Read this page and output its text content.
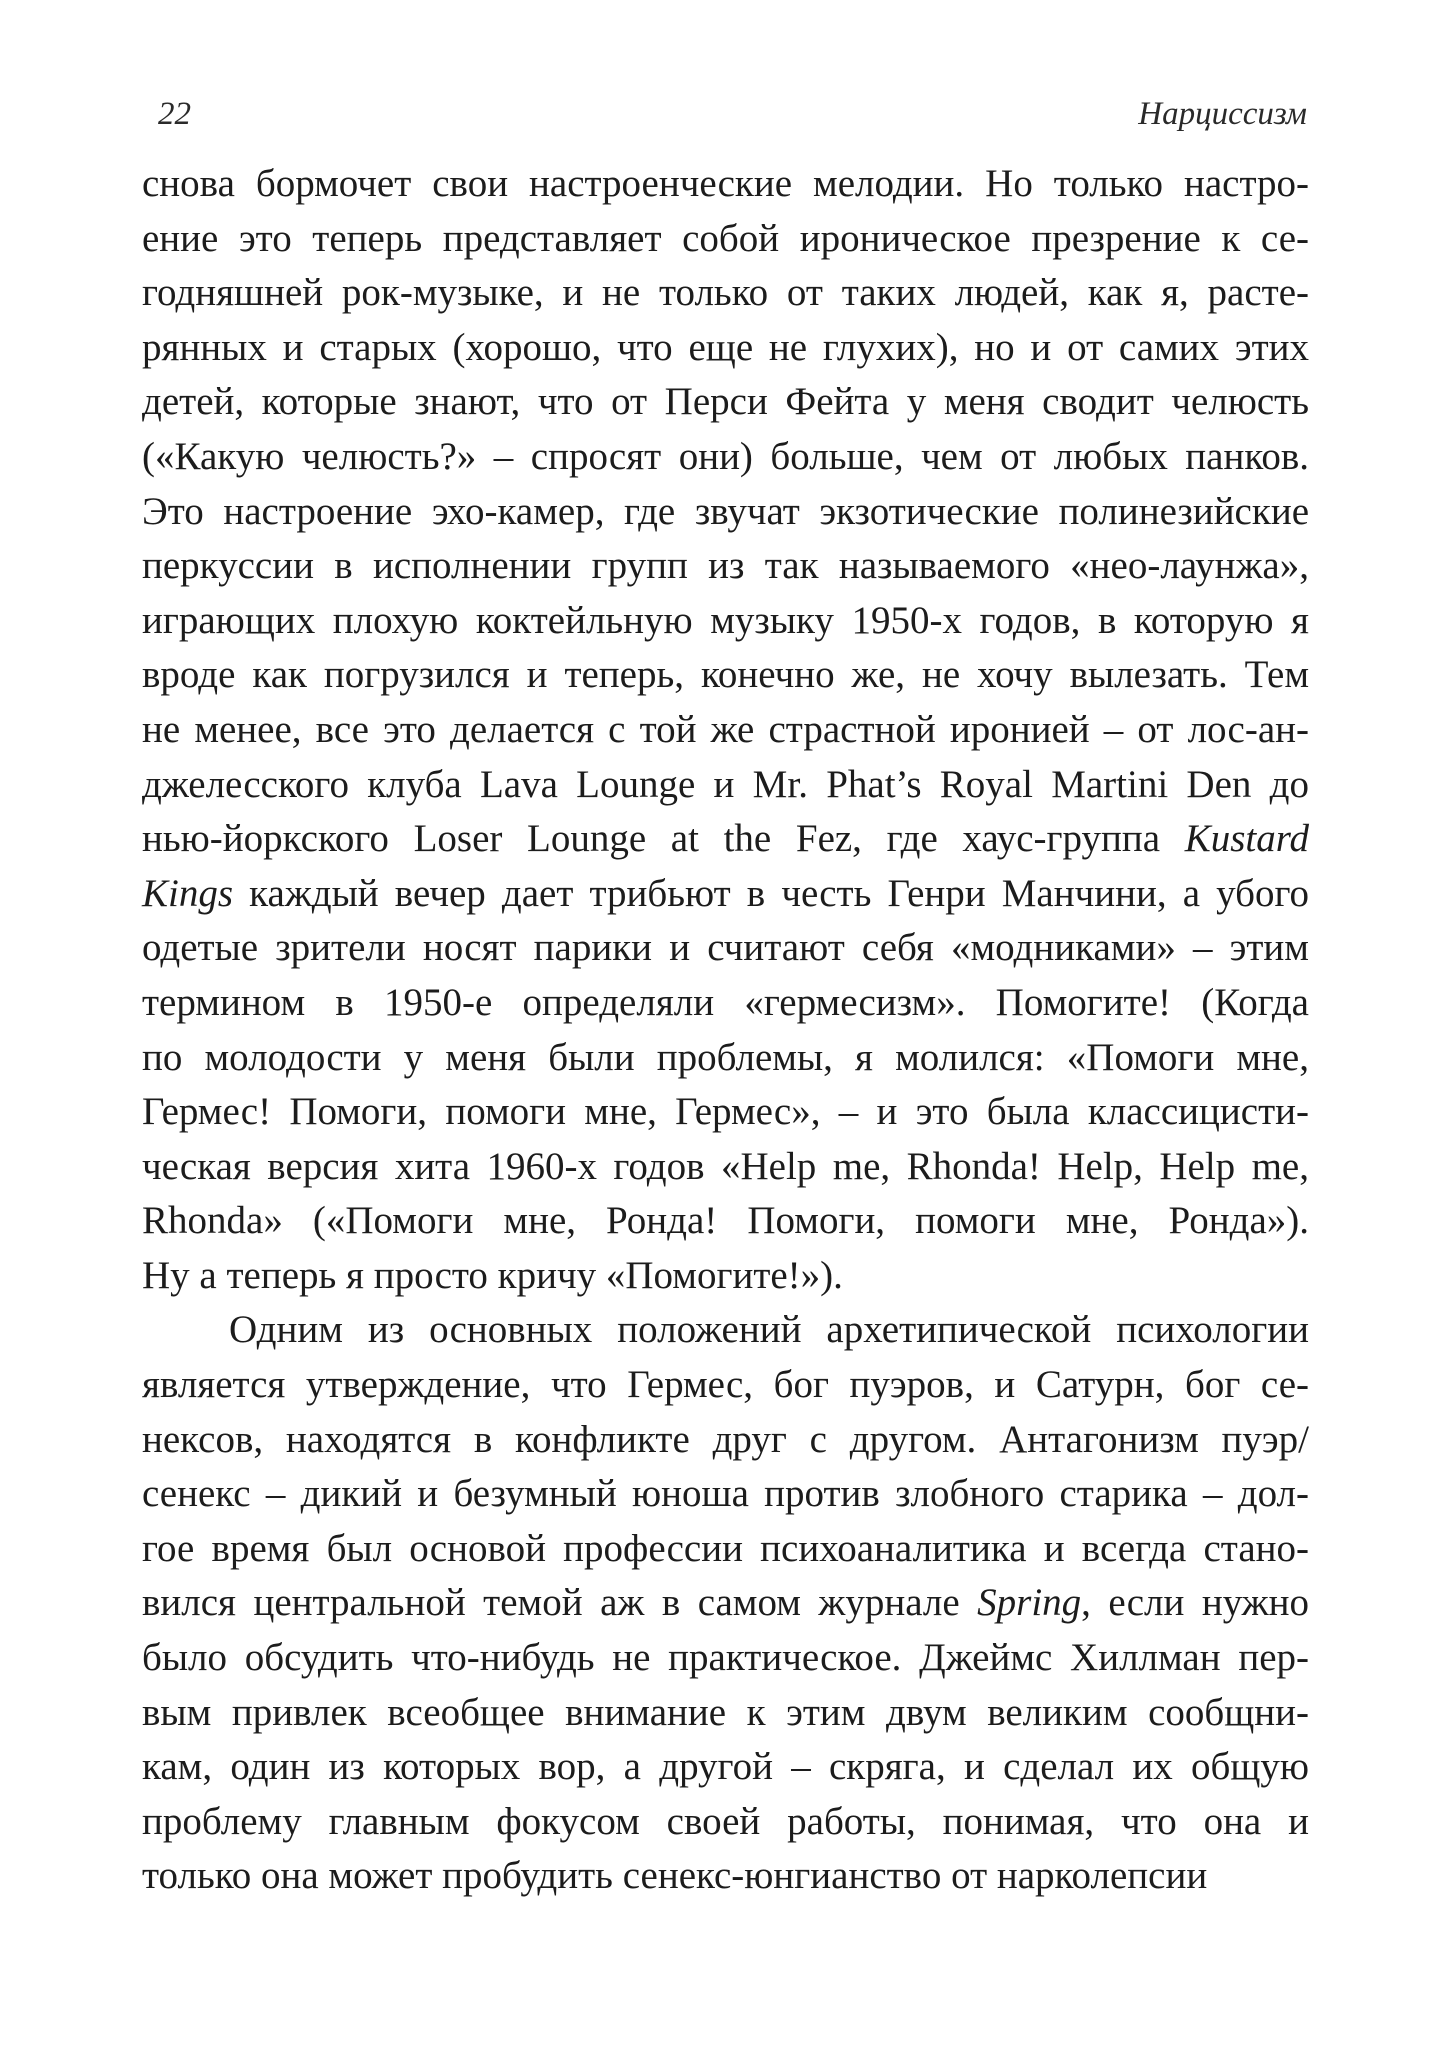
22	Нарциссизм
снова бормочет свои настроенческие мелодии. Но только настро-
ение это теперь представляет собой ироническое презрение к се-
годняшней рок-музыке, и не только от таких людей, как я, расте-
рянных и старых (хорошо, что еще не глухих), но и от самих этих
детей, которые знают, что от Перси Фейта у меня сводит челюсть
(«Какую челюсть?» – спросят они) больше, чем от любых панков.
Это настроение эхо-камер, где звучат экзотические полинезийские
перкуссии в исполнении групп из так называемого «нео-лаунжа»,
играющих плохую коктейльную музыку 1950-х годов, в которую я
вроде как погрузился и теперь, конечно же, не хочу вылезать. Тем
не менее, все это делается с той же страстной иронией – от лос-ан-
джелесского клуба Lava Lounge и Mr. Phat’s Royal Martini Den до
нью-йоркского Loser Lounge at the Fez, где хаус-группа Kustard
Kings каждый вечер дает трибьют в честь Генри Манчини, а убого
одетые зрители носят парики и считают себя «модниками» – этим
термином в 1950-е определяли «гермесизм». Помогите! (Когда
по молодости у меня были проблемы, я молился: «Помоги мне,
Гермес! Помоги, помоги мне, Гермес», – и это была классицисти-
ческая версия хита 1960-х годов «Help me, Rhonda! Help, Help me,
Rhonda» («Помоги мне, Ронда! Помоги, помоги мне, Ронда»).
Ну а теперь я просто кричу «Помогите!»).
Одним из основных положений архетипической психологии
является утверждение, что Гермес, бог пуэров, и Сатурн, бог се-
нексов, находятся в конфликте друг с другом. Антагонизм пуэр/
сенекс – дикий и безумный юноша против злобного старика – дол-
гое время был основой профессии психоаналитика и всегда стано-
вился центральной темой аж в самом журнале Spring, если нужно
было обсудить что-нибудь не практическое. Джеймс Хиллман пер-
вым привлек всеобщее внимание к этим двум великим сообщни-
кам, один из которых вор, а другой – скряга, и сделал их общую
проблему главным фокусом своей работы, понимая, что она и
только она может пробудить сенекс-юнгианство от нарколепсии
